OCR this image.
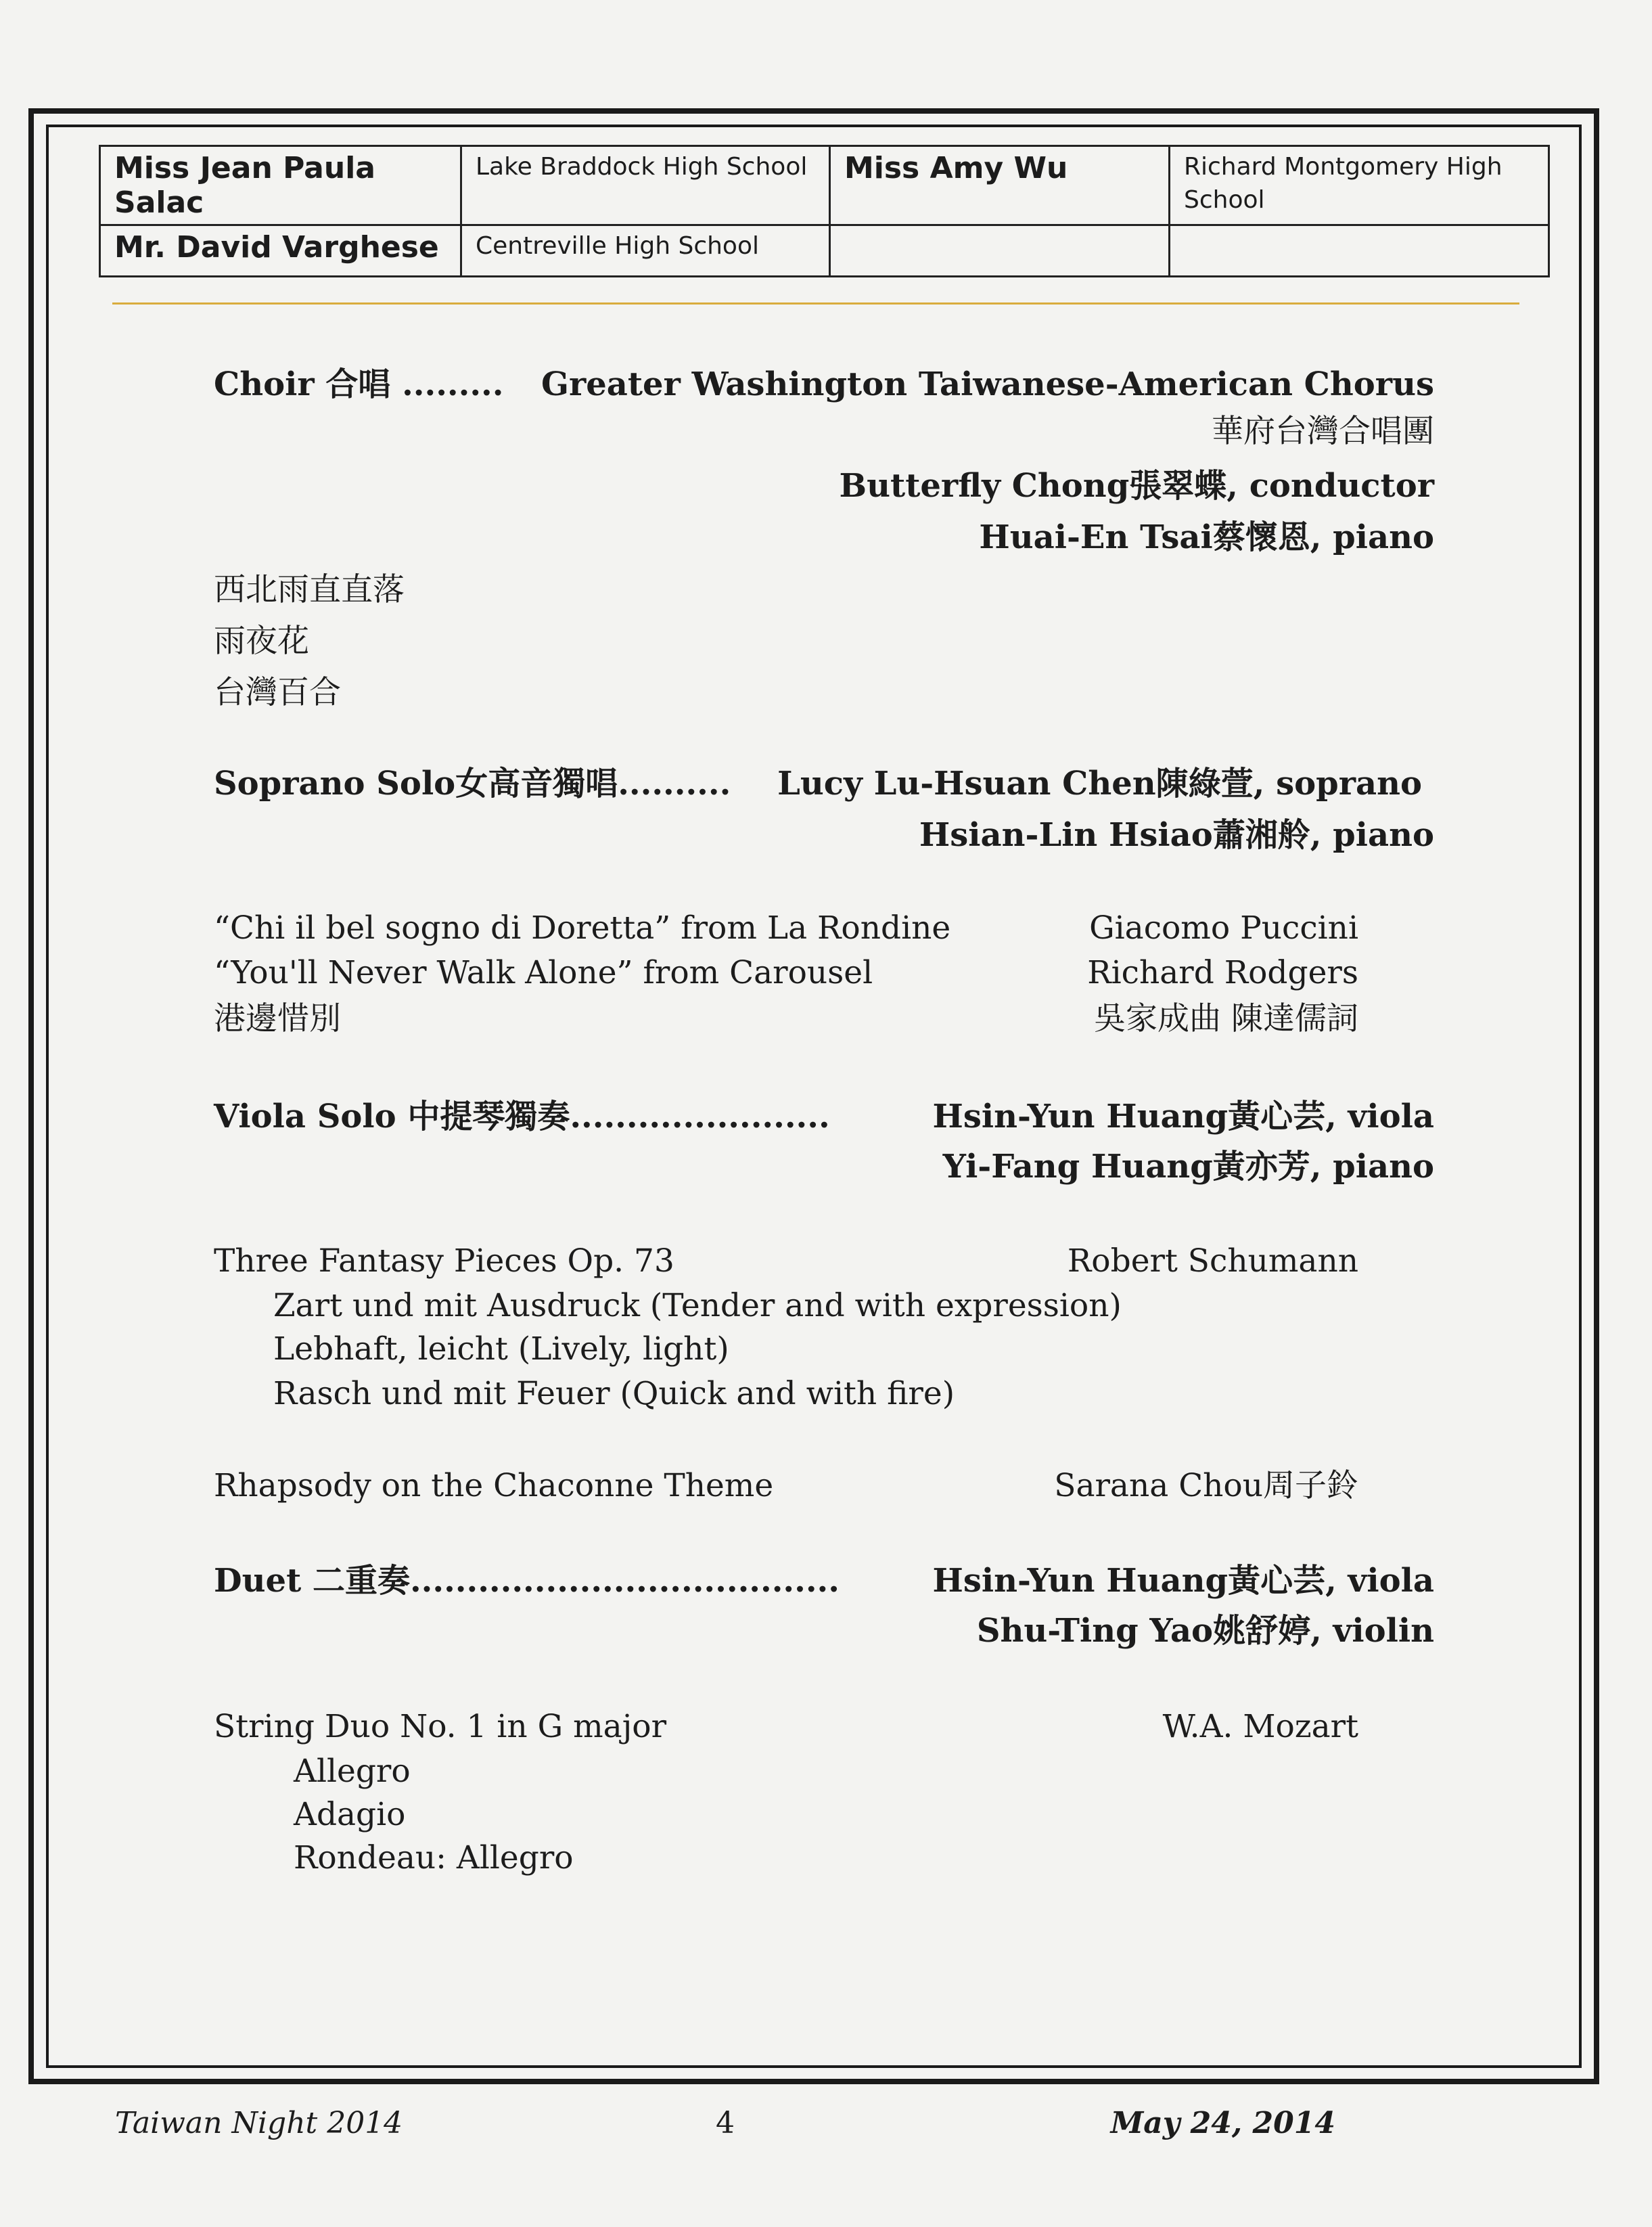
Miss Jean Paula Salac	Lake Braddock High School	Miss Amy Wu	Richard Montgomery High School
Mr. David Varghese	Centreville High School		
Choir 合唱 ......... Greater Washington Taiwanese-American Chorus
華府台灣合唱團
Butterfly Chong張翠蝶, conductor
Huai-En Tsai蔡懷恩, piano
西北雨直直落
雨夜花
台灣百合
Soprano Solo女高音獨唱.......... Lucy Lu-Hsuan Chen陳綠萱, soprano
Hsian-Lin Hsiao蕭湘舲, piano
“Chi il bel sogno di Doretta” from La Rondine	Giacomo Puccini
“You'll Never Walk Alone” from Carousel	Richard Rodgers
港邊惜別	吳家成曲 陳達儒詞
Viola Solo 中提琴獨奏.......................	Hsin-Yun Huang黃心芸, viola
Yi-Fang Huang黃亦芳, piano
Three Fantasy Pieces Op. 73	Robert Schumann
Zart und mit Ausdruck (Tender and with expression)
Lebhaft, leicht (Lively, light)
Rasch und mit Feuer (Quick and with fire)
Rhapsody on the Chaconne Theme	Sarana Chou周子鈴
Duet 二重奏......................................	Hsin-Yun Huang黃心芸, viola
Shu-Ting Yao姚舒婷, violin
String Duo No. 1 in G major	W.A. Mozart
Allegro
Adagio
Rondeau: Allegro
Taiwan Night 2014	4	May 24, 2014
